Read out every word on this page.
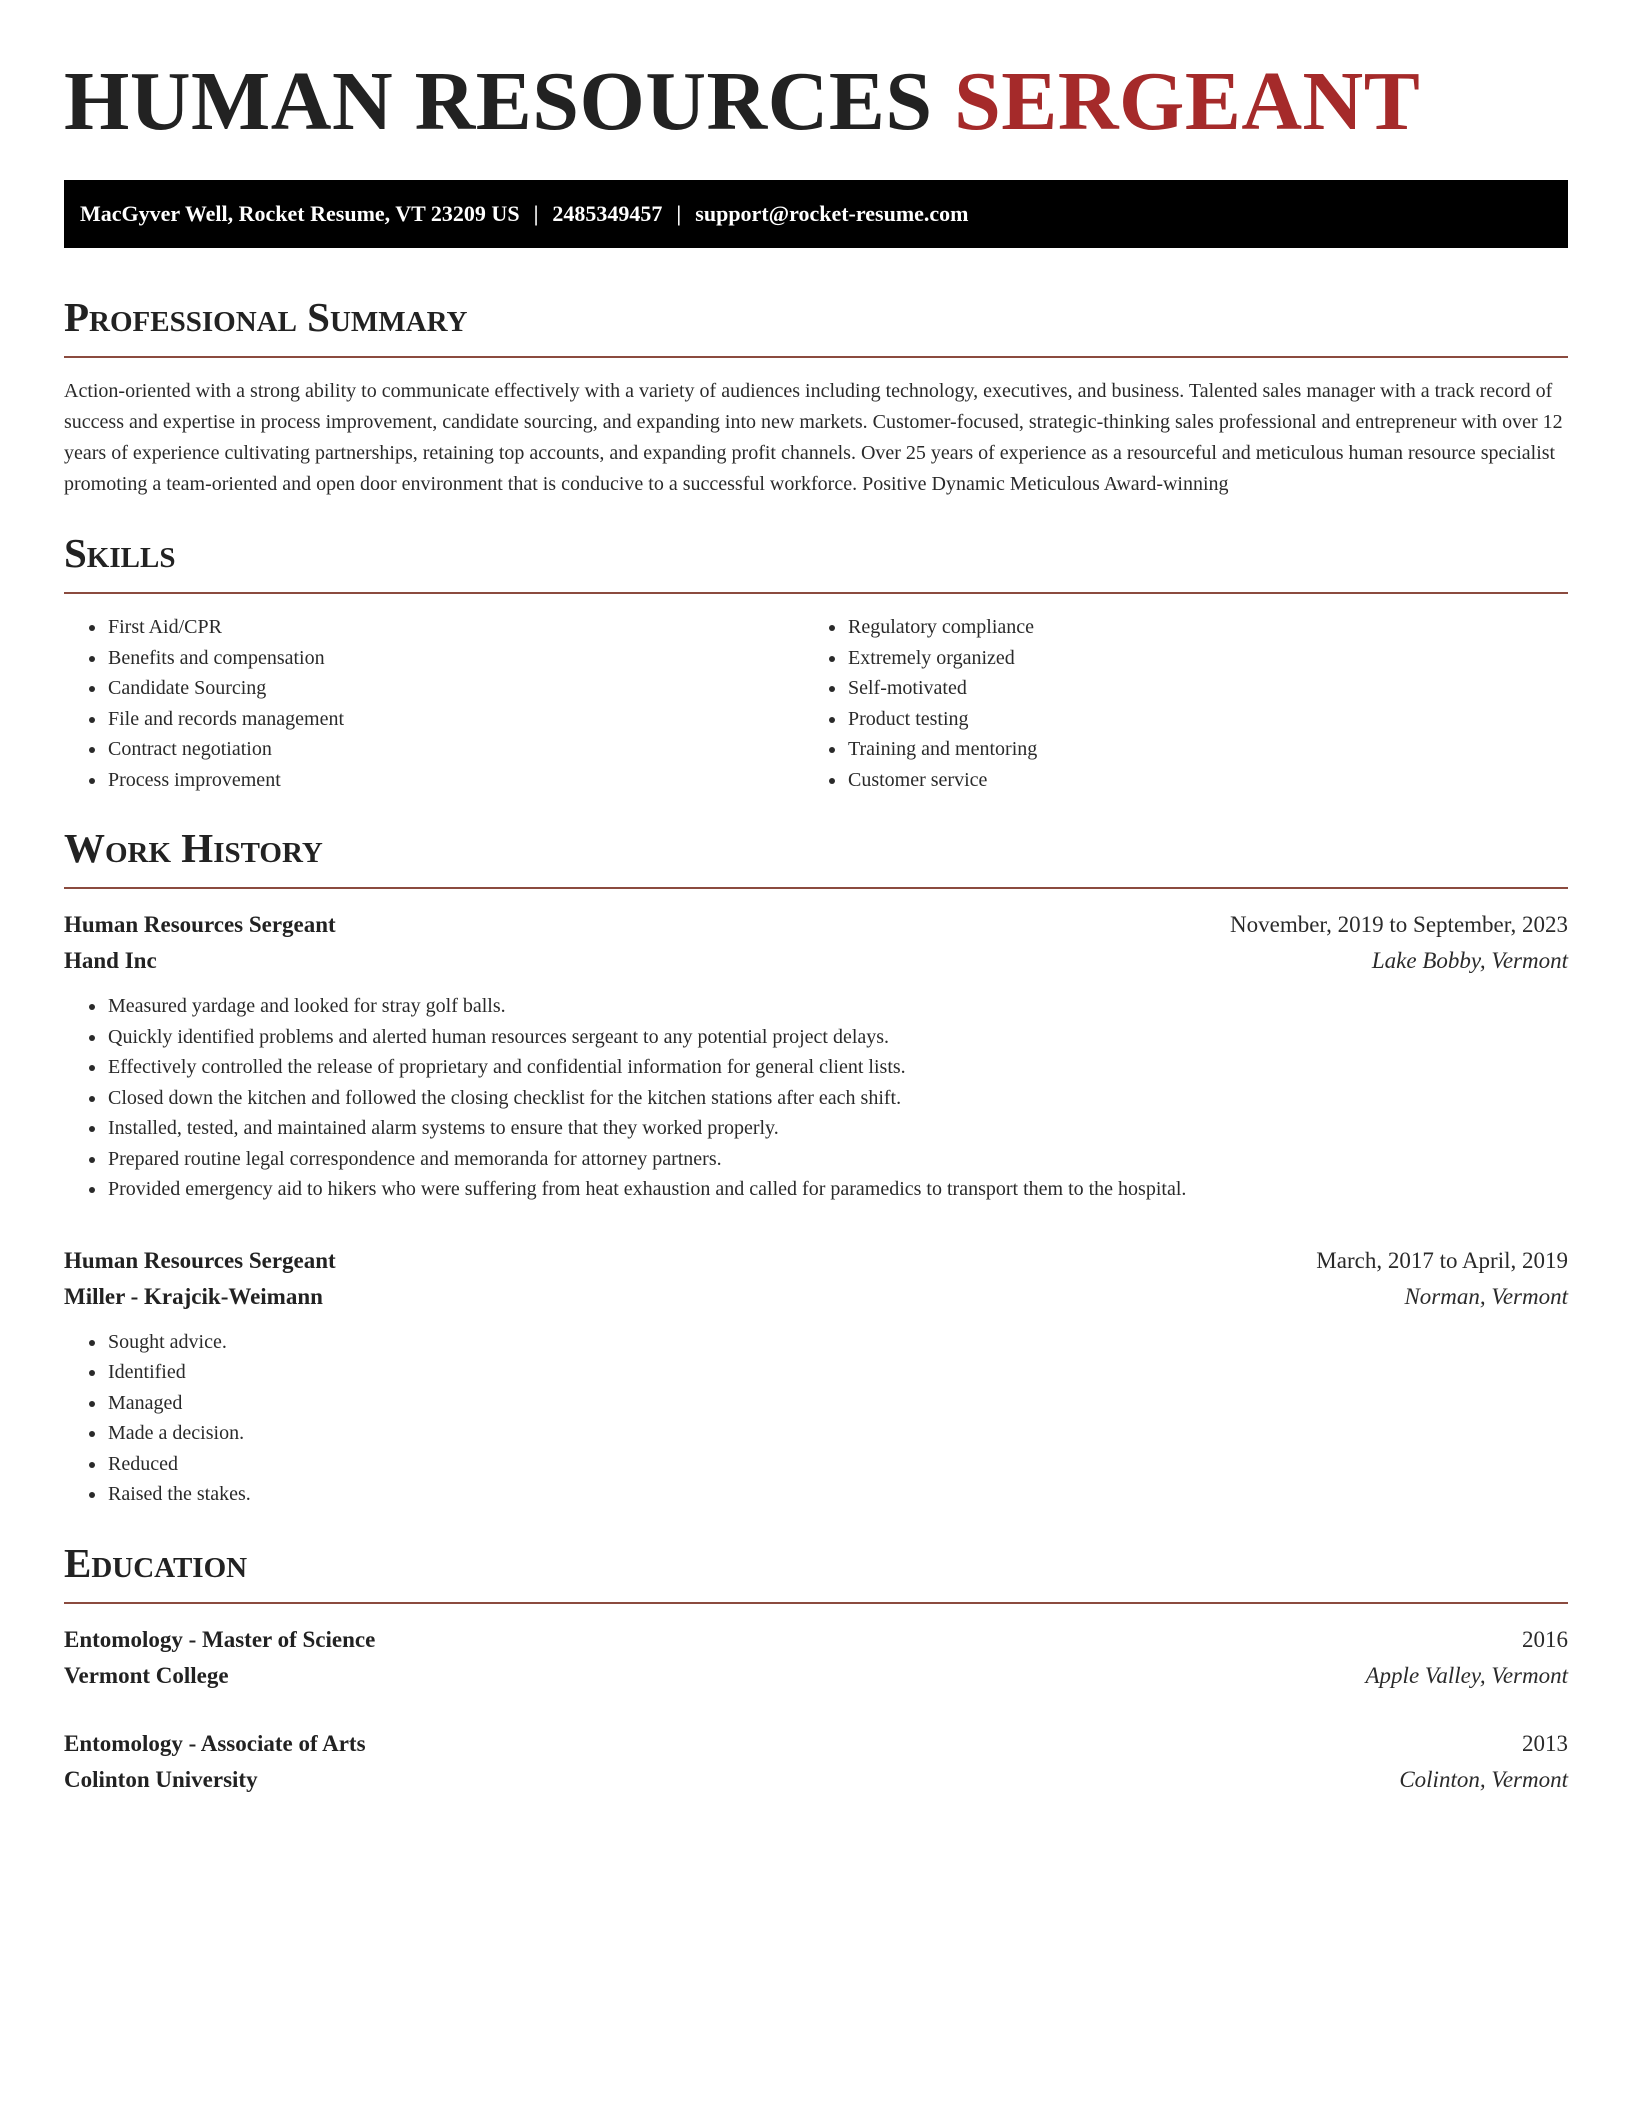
HUMAN RESOURCES SERGEANT
MacGyver Well, Rocket Resume, VT 23209 US | 2485349457 | support@rocket-resume.com
Professional Summary

Action-oriented with a strong ability to communicate effectively with a variety of audiences including technology, executives, and business. Talented sales manager with a track record of success and expertise in process improvement, candidate sourcing, and expanding into new markets. Customer-focused, strategic-thinking sales professional and entrepreneur with over 12 years of experience cultivating partnerships, retaining top accounts, and expanding profit channels. Over 25 years of experience as a resourceful and meticulous human resource specialist promoting a team-oriented and open door environment that is conducive to a successful workforce. Positive Dynamic Meticulous Award-winning

Skills
• First Aid/CPR
• Benefits and compensation
• Candidate Sourcing
• File and records management
• Contract negotiation
• Process improvement
• Regulatory compliance
• Extremely organized
• Self-motivated
• Product testing
• Training and mentoring
• Customer service
Work History
Human Resources Sergeant	November, 2019 to September, 2023
Hand Inc	Lake Bobby, Vermont
• Measured yardage and looked for stray golf balls.
• Quickly identified problems and alerted human resources sergeant to any potential project delays.
• Effectively controlled the release of proprietary and confidential information for general client lists.
• Closed down the kitchen and followed the closing checklist for the kitchen stations after each shift.
• Installed, tested, and maintained alarm systems to ensure that they worked properly.
• Prepared routine legal correspondence and memoranda for attorney partners.
• Provided emergency aid to hikers who were suffering from heat exhaustion and called for paramedics to transport them to the hospital.
Human Resources Sergeant	March, 2017 to April, 2019
Miller - Krajcik-Weimann	Norman, Vermont
• Sought advice.
• Identified
• Managed
• Made a decision.
• Reduced
• Raised the stakes.
Education
Entomology - Master of Science	2016
Vermont College	Apple Valley, Vermont
Entomology - Associate of Arts	2013
Colinton University	Colinton, Vermont
